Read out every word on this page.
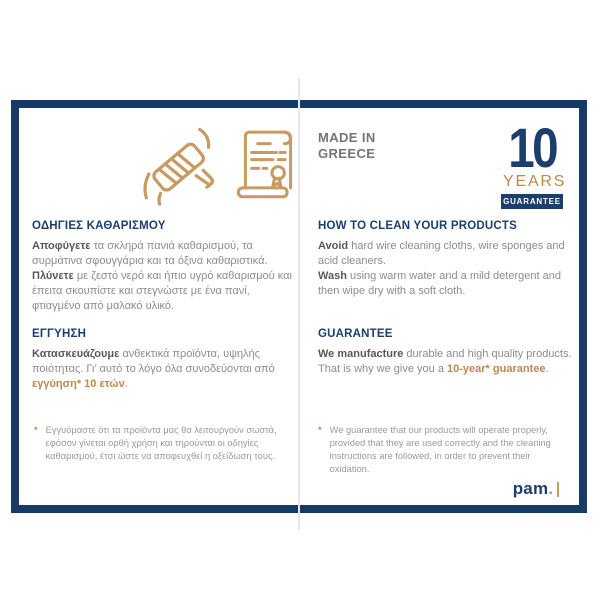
ΟΔΗΓΙΕΣ ΚΑΘΑΡΙΣΜΟΥ

Αποφύγετε τα σκληρά πανιά καθαρισμού, τα συρμάτινα σφουγγάρια και τα όξινα καθαριστικά.

Πλύνετε με ζεστό νερό και ήπιο υγρό καθαρισμού και έπειτα σκουπίστε και στεγνώστε με ένα πανί, φτιαγμένο από μαλακό υλικό.

ΕΓΓΥΗΣΗ

Κατασκευάζουμε ανθεκτικά προϊόντα, υψηλής ποιότητας. Γι’ αυτό το λόγο όλα συνοδεύονται από εγγύηση* 10 ετών.

* Εγγυόμαστε ότι τα προϊόντα μας θα λειτουργούν σωστά, εφόσον γίνεται ορθή χρήση και τηρούνται οι οδηγίες καθαρισμού, έτσι ώστε να αποφευχθεί η οξείδωση τους.
MADE IN
GREECE 10
YEARS
GUARANTEE
HOW TO CLEAN YOUR PRODUCTS

Avoid hard wire cleaning cloths, wire sponges and acid cleaners.

Wash using warm water and a mild detergent and then wipe dry with a soft cloth.

GUARANTEE

We manufacture durable and high quality products. That is why we give you a 10-year* guarantee.

* We guarantee that our products will operate properly, provided that they are used correctly and the cleaning instructions are followed, in order to prevent their oxidation.
pam .
